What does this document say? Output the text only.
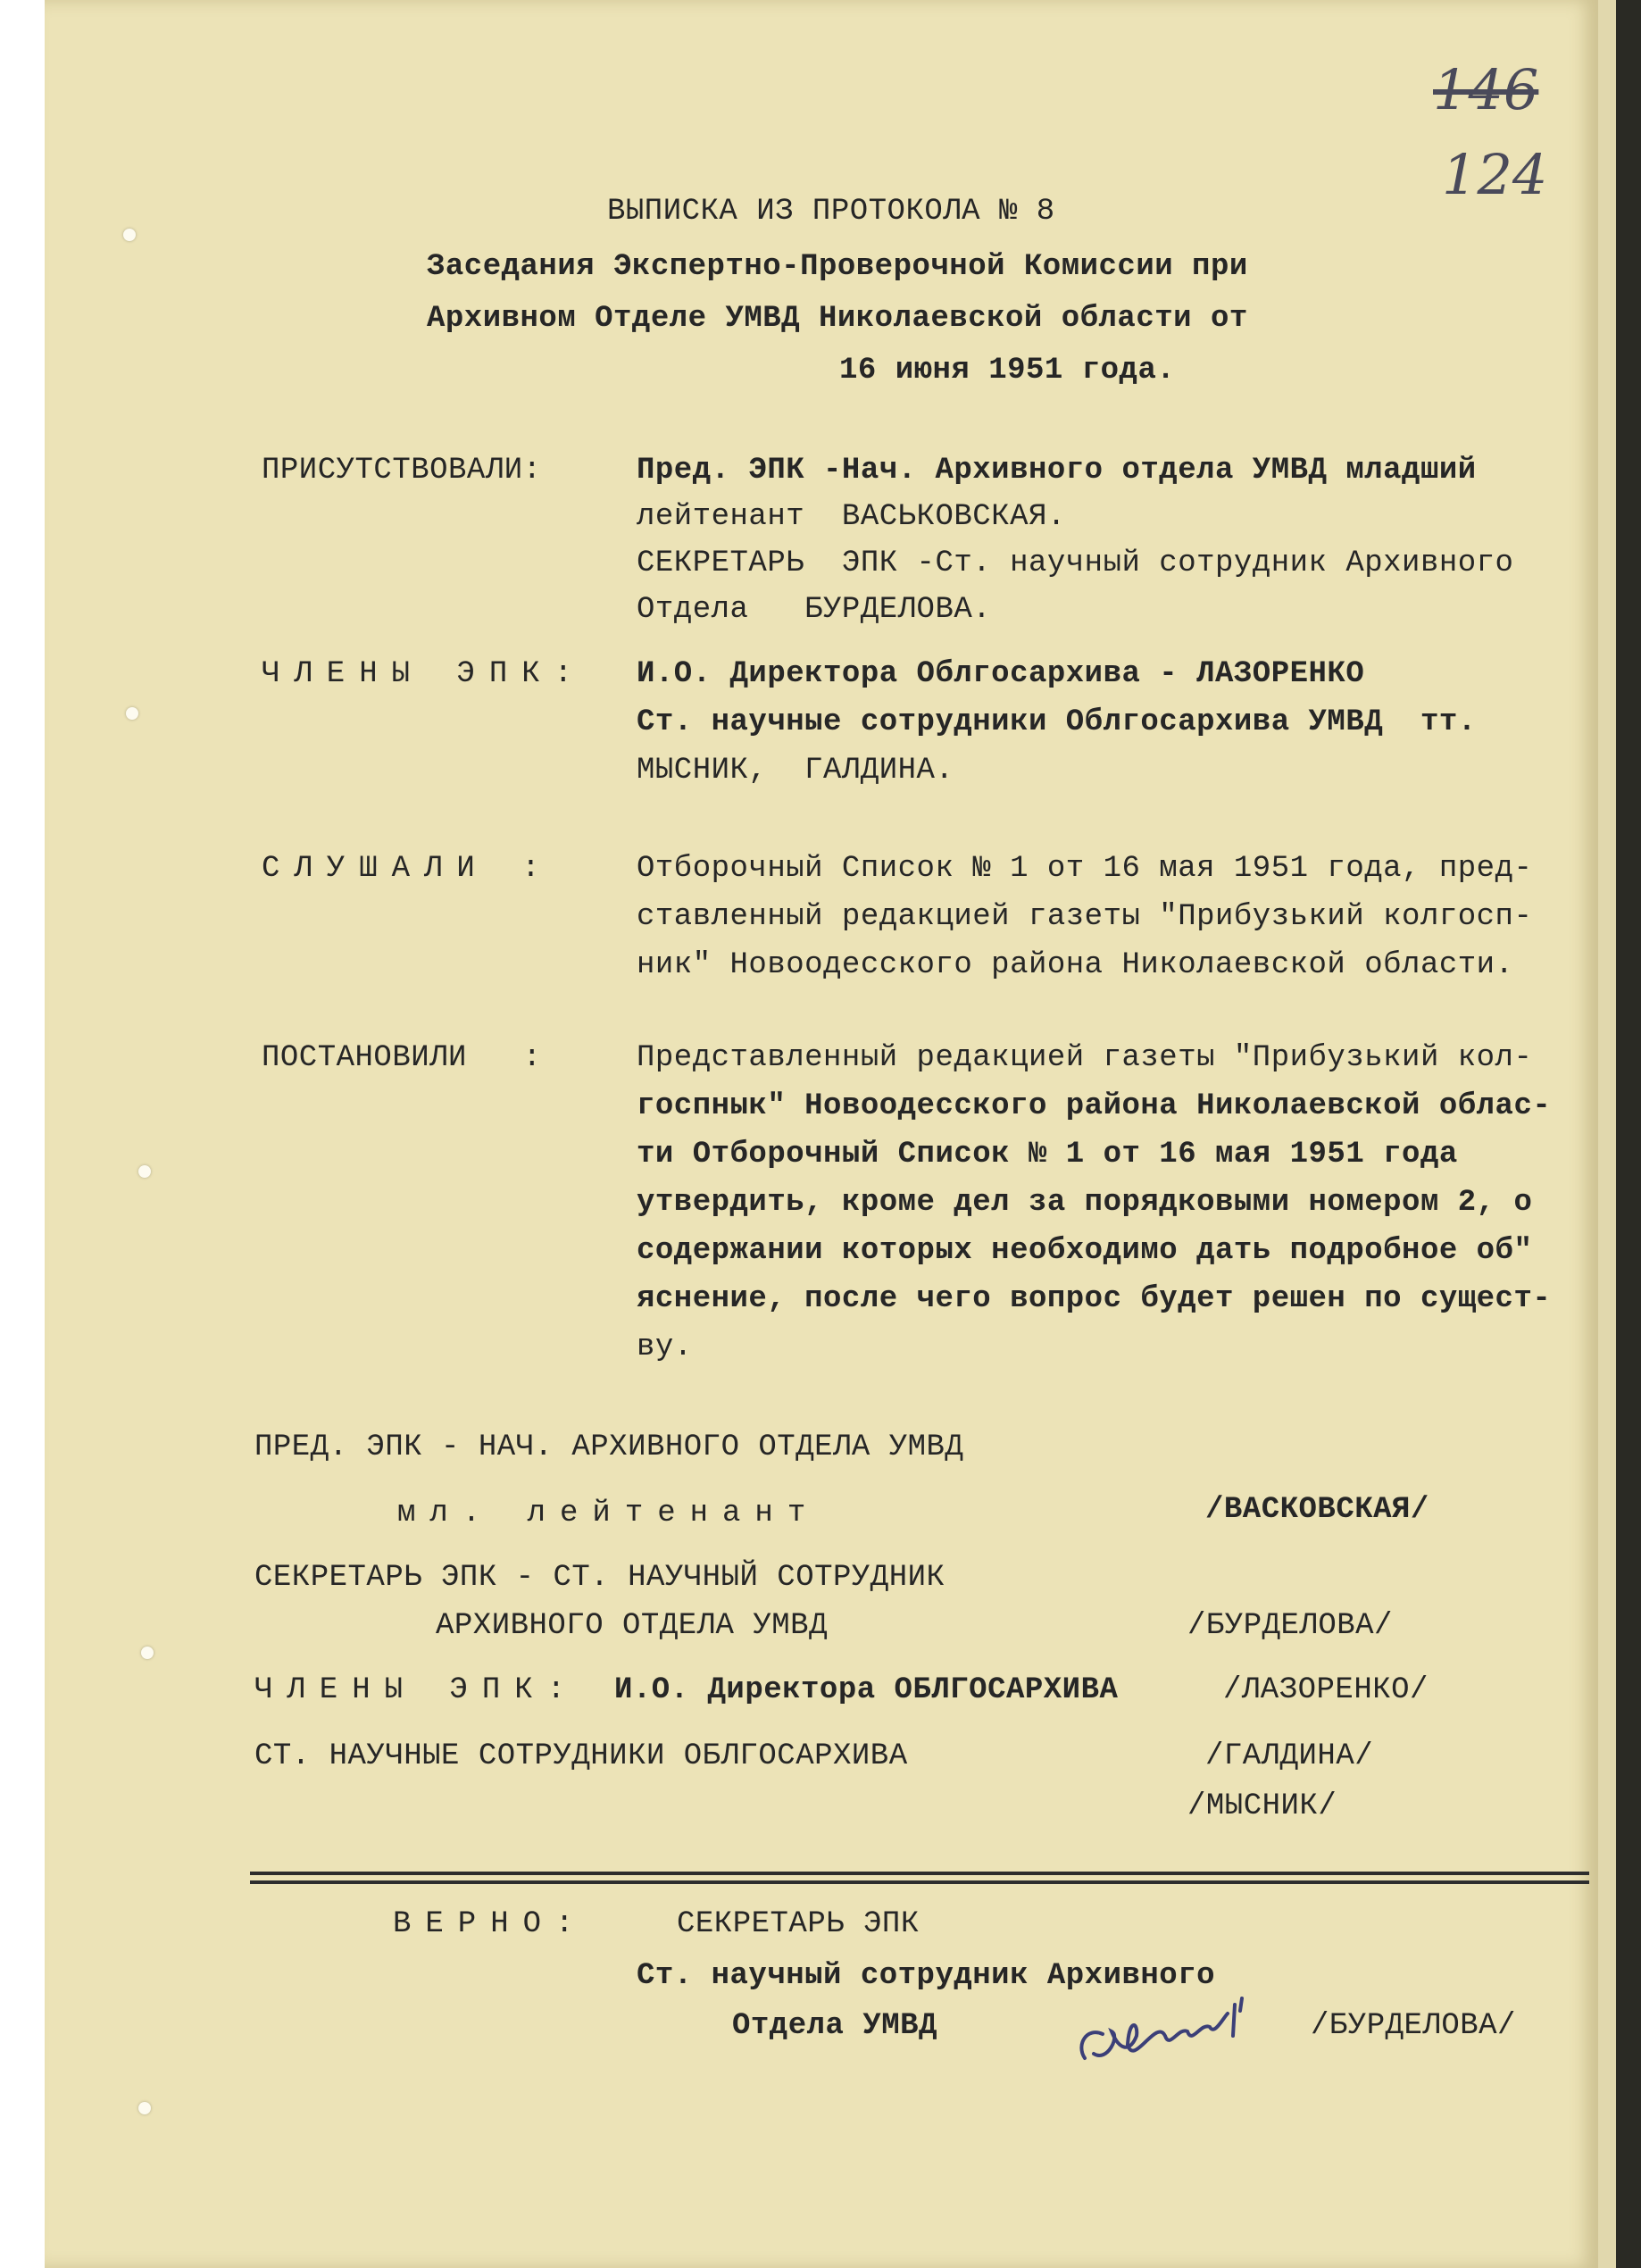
146
124
ВЫПИСКА ИЗ ПРОТОКОЛА № 8
Заседания Экспертно-Проверочной Комиссии при
Архивном Отделе УМВД Николаевской области от
16 июня 1951 года.
ПРИСУТСТВОВАЛИ:	Пред. ЭПК -Нач. Архивного отдела УМВД младший
лейтенант  ВАСЬКОВСКАЯ.
СЕКРЕТАРЬ  ЭПК -Ст. научный сотрудник Архивного
Отдела   БУРДЕЛОВА.
ЧЛЕНЫ ЭПК: И.О. Директора Облгосархива - ЛАЗОРЕНКО
Ст. научные сотрудники Облгосархива УМВД  тт.
МЫСНИК,  ГАЛДИНА.
СЛУШАЛИ :	Отборочный Список № 1 от 16 мая 1951 года, пред-
ставленный редакцией газеты "Прибузький колгосп-
ник" Новоодесского района Николаевской области.
ПОСТАНОВИЛИ   :	Представленный редакцией газеты "Прибузький кол-
госпнык" Новоодесского района Николаевской облас-
ти Отборочный Список № 1 от 16 мая 1951 года
утвердить, кроме дел за порядковыми номером 2, о
содержании которых необходимо дать подробное об"
яснение, после чего вопрос будет решен по сущест-
ву.
ПРЕД. ЭПК - НАЧ. АРХИВНОГО ОТДЕЛА УМВД
мл. лейтенант	/ВАСКОВСКАЯ/
СЕКРЕТАРЬ ЭПК - СТ. НАУЧНЫЙ СОТРУДНИК
АРХИВНОГО ОТДЕЛА УМВД	/БУРДЕЛОВА/
ЧЛЕНЫ ЭПК: И.О. Директора ОБЛГОСАРХИВА	/ЛАЗОРЕНКО/
СТ. НАУЧНЫЕ СОТРУДНИКИ ОБЛГОСАРХИВА	/ГАЛДИНА/
/МЫСНИК/
ВЕРНО:	СЕКРЕТАРЬ ЭПК
Ст. научный сотрудник Архивного
Отдела УМВД	/БУРДЕЛОВА/
